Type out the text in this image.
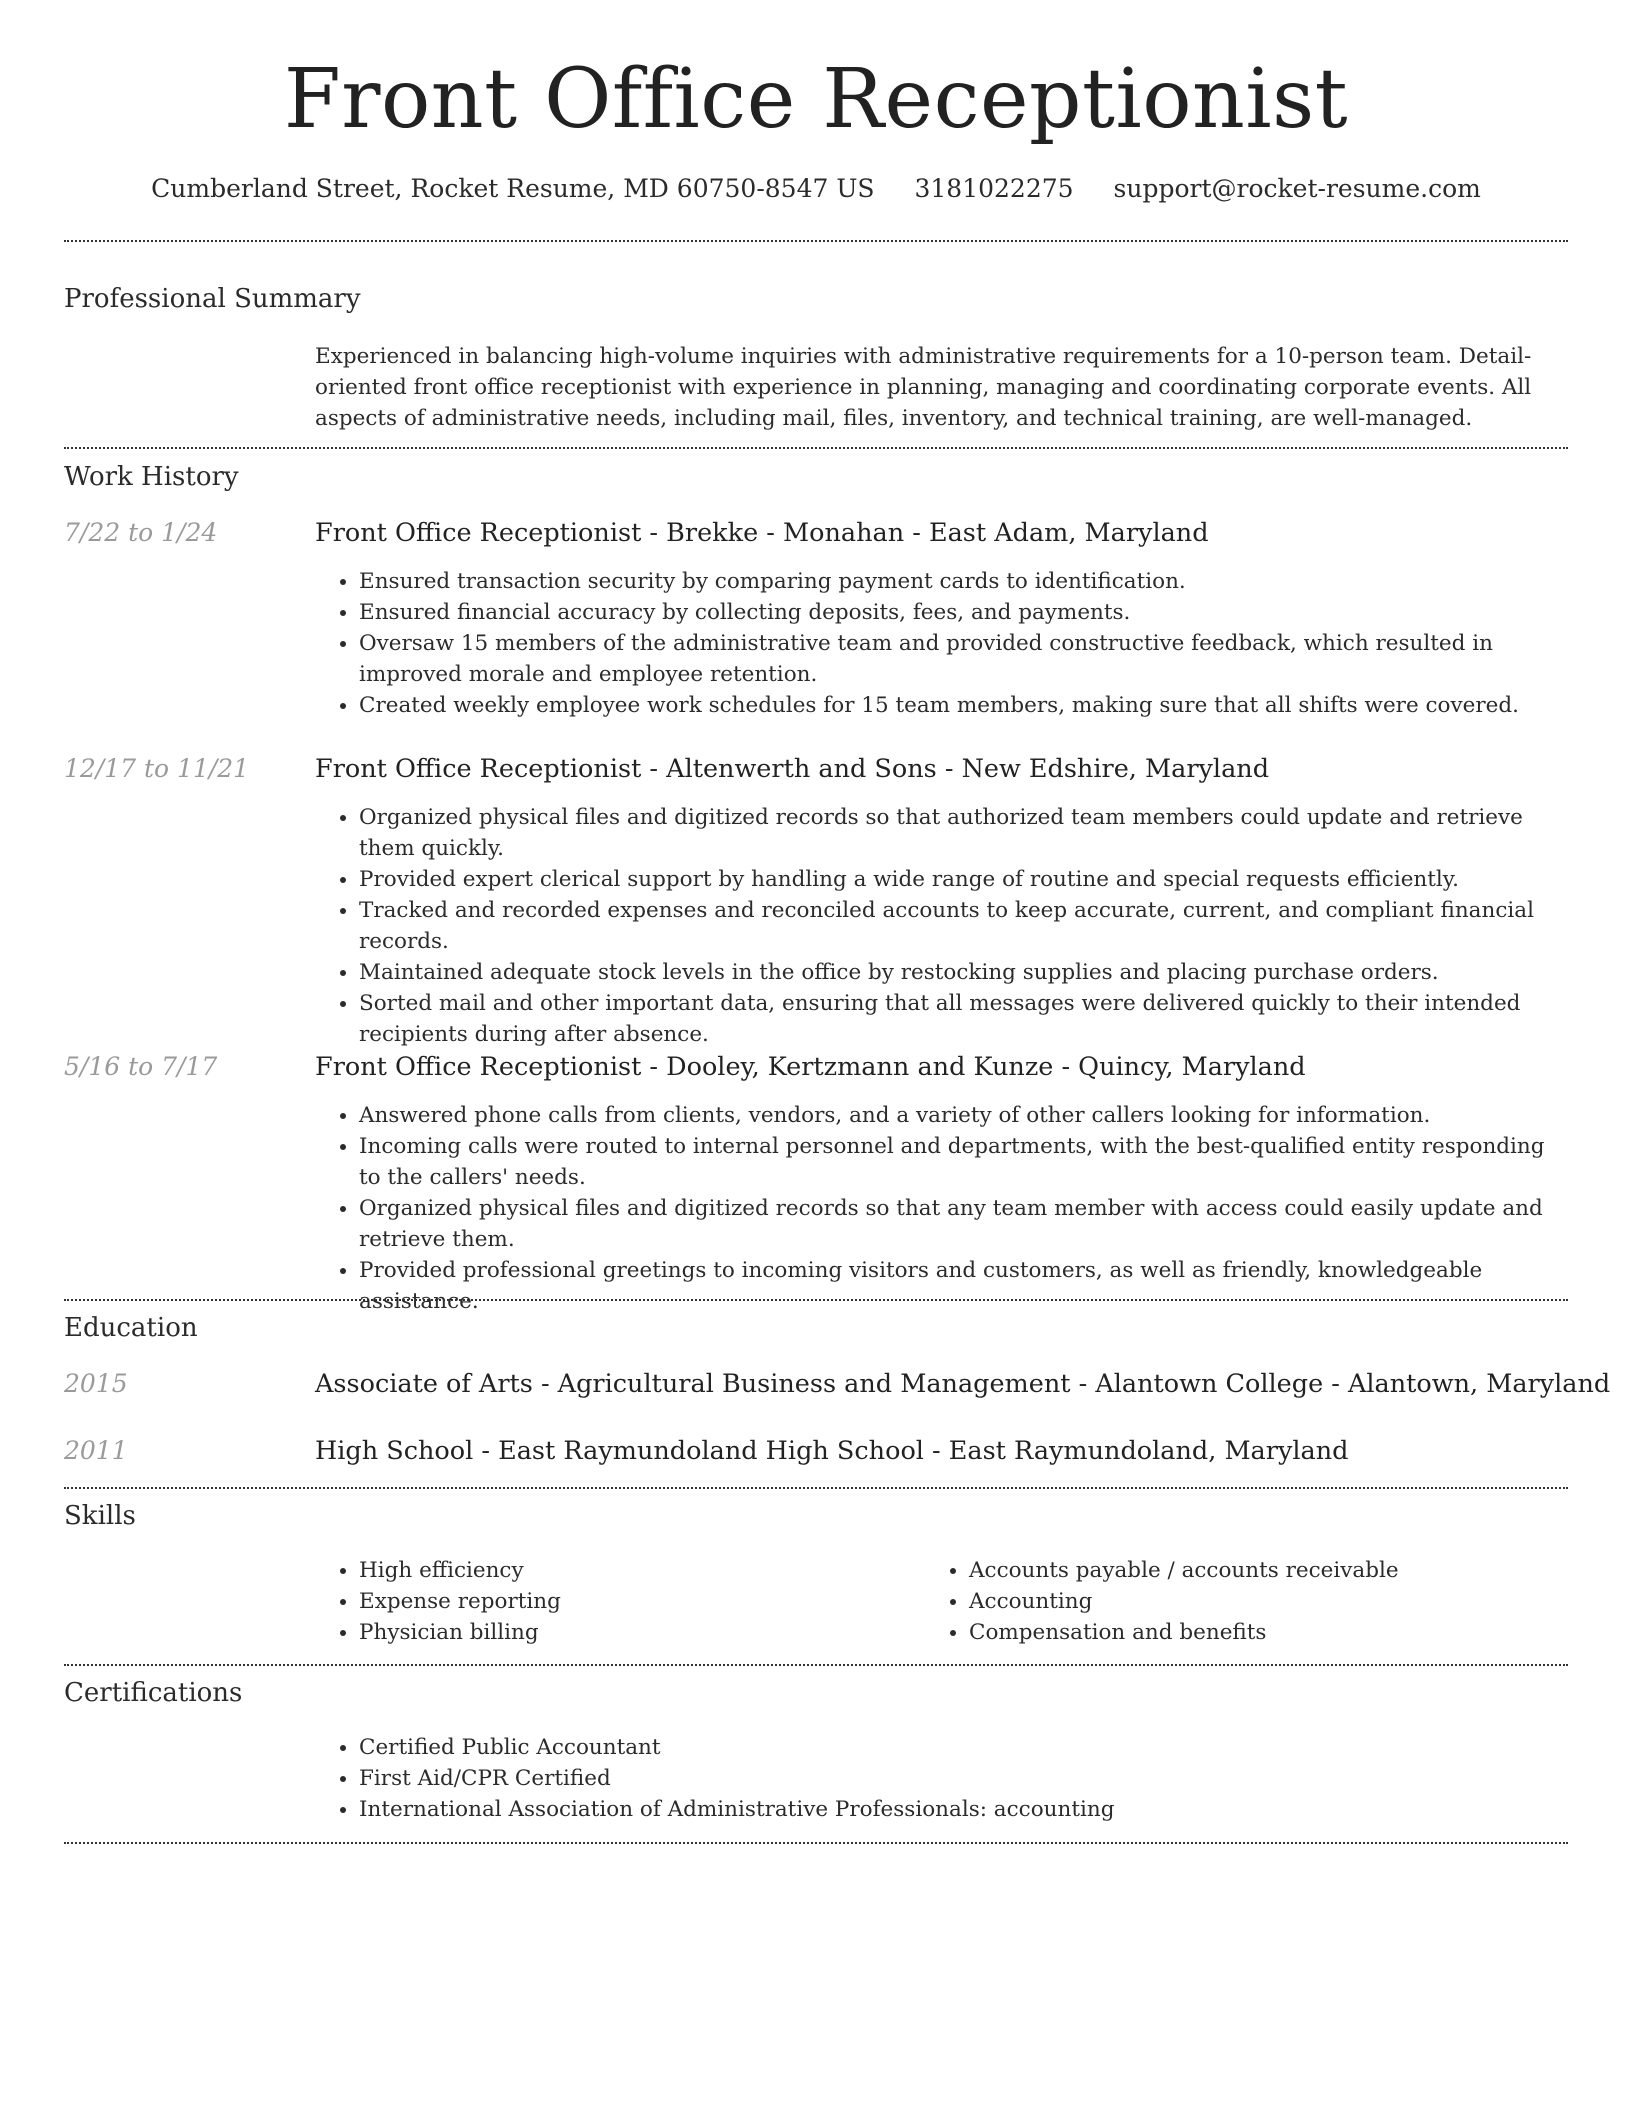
Front Office Receptionist
Cumberland Street, Rocket Resume, MD 60750-8547 US 3181022275 support@rocket-resume.com
Professional Summary
Experienced in balancing high-volume inquiries with administrative requirements for a 10-person team. Detail-oriented front office receptionist with experience in planning, managing and coordinating corporate events. All aspects of administrative needs, including mail, files, inventory, and technical training, are well-managed.
Work History
7/22 to 1/24	Front Office Receptionist - Brekke - Monahan - East Adam, Maryland
• Ensured transaction security by comparing payment cards to identification.
• Ensured financial accuracy by collecting deposits, fees, and payments.
• Oversaw 15 members of the administrative team and provided constructive feedback, which resulted in improved morale and employee retention.
• Created weekly employee work schedules for 15 team members, making sure that all shifts were covered.
12/17 to 11/21	Front Office Receptionist - Altenwerth and Sons - New Edshire, Maryland
• Organized physical files and digitized records so that authorized team members could update and retrieve them quickly.
• Provided expert clerical support by handling a wide range of routine and special requests efficiently.
• Tracked and recorded expenses and reconciled accounts to keep accurate, current, and compliant financial records.
• Maintained adequate stock levels in the office by restocking supplies and placing purchase orders.
• Sorted mail and other important data, ensuring that all messages were delivered quickly to their intended recipients during after absence.
5/16 to 7/17	Front Office Receptionist - Dooley, Kertzmann and Kunze - Quincy, Maryland
• Answered phone calls from clients, vendors, and a variety of other callers looking for information.
• Incoming calls were routed to internal personnel and departments, with the best-qualified entity responding to the callers' needs.
• Organized physical files and digitized records so that any team member with access could easily update and retrieve them.
• Provided professional greetings to incoming visitors and customers, as well as friendly, knowledgeable assistance.
Education
2015	Associate of Arts - Agricultural Business and Management - Alantown College - Alantown, Maryland
2011	High School - East Raymundoland High School - East Raymundoland, Maryland
Skills
• High efficiency
• Expense reporting
• Physician billing
• Accounts payable / accounts receivable
• Accounting
• Compensation and benefits
Certifications
• Certified Public Accountant
• First Aid/CPR Certified
• International Association of Administrative Professionals: accounting
